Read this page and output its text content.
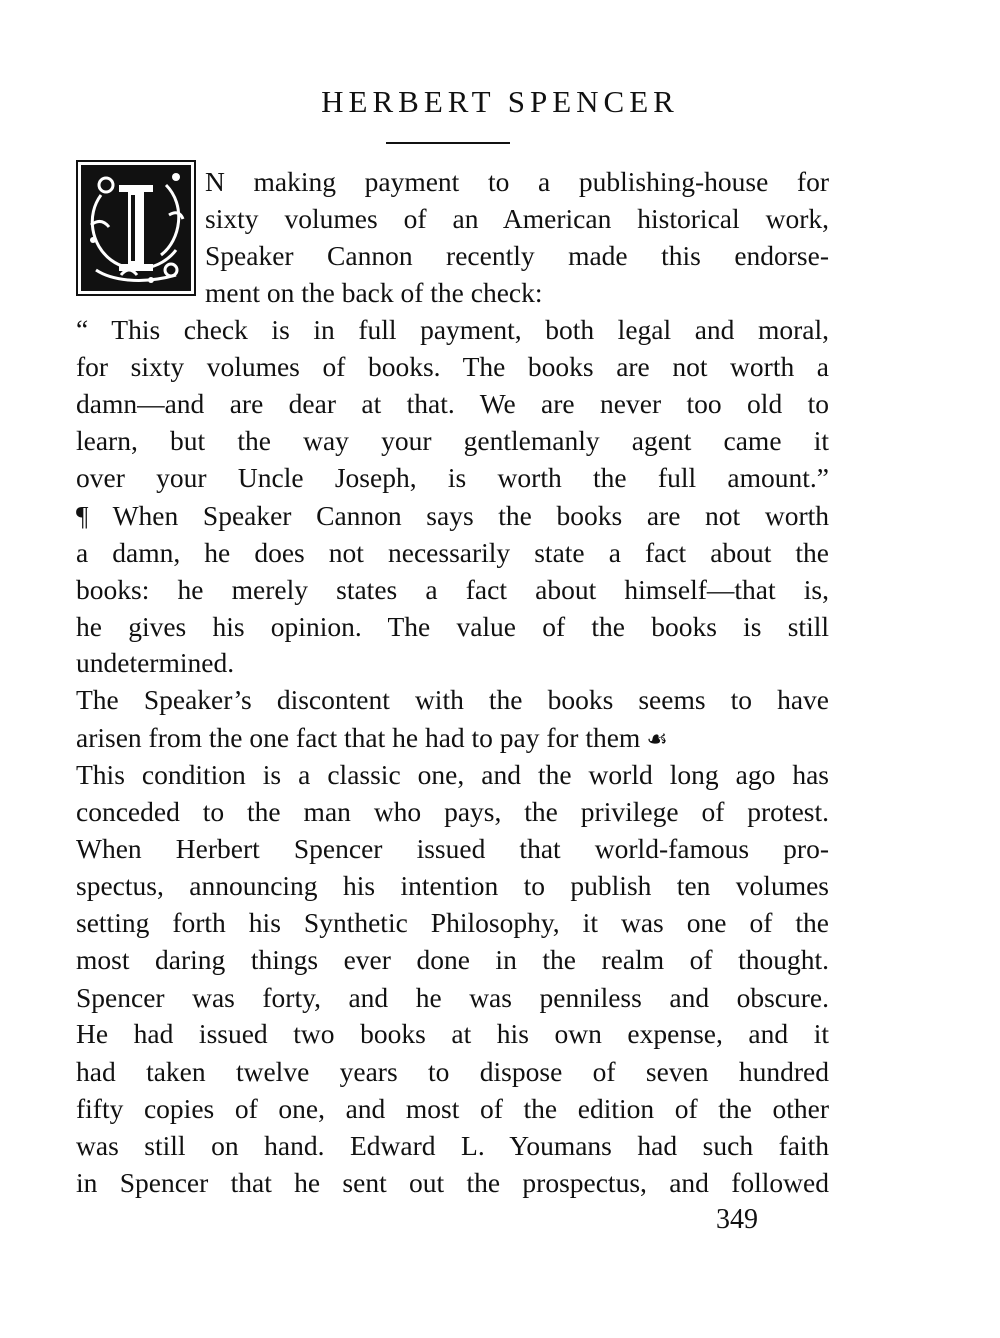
HERBERT SPENCER
N making payment to a publishing-house for
sixty volumes of an American historical work,
Speaker Cannon recently made this endorse-
ment on the back of the check:
“ This check is in full payment, both legal and moral,
for sixty volumes of books. The books are not worth a
damn—and are dear at that. We are never too old to
learn, but the way your gentlemanly agent came it
over your Uncle Joseph, is worth the full amount.”
¶ When Speaker Cannon says the books are not worth
a damn, he does not necessarily state a fact about the
books: he merely states a fact about himself—that is,
he gives his opinion. The value of the books is still
undetermined.
The Speaker’s discontent with the books seems to have
arisen from the one fact that he had to pay for them ☙
This condition is a classic one, and the world long ago has
conceded to the man who pays, the privilege of protest.
When Herbert Spencer issued that world-famous pro-
spectus, announcing his intention to publish ten volumes
setting forth his Synthetic Philosophy, it was one of the
most daring things ever done in the realm of thought.
Spencer was forty, and he was penniless and obscure.
He had issued two books at his own expense, and it
had taken twelve years to dispose of seven hundred
fifty copies of one, and most of the edition of the other
was still on hand. Edward L. Youmans had such faith
in Spencer that he sent out the prospectus, and followed
349
